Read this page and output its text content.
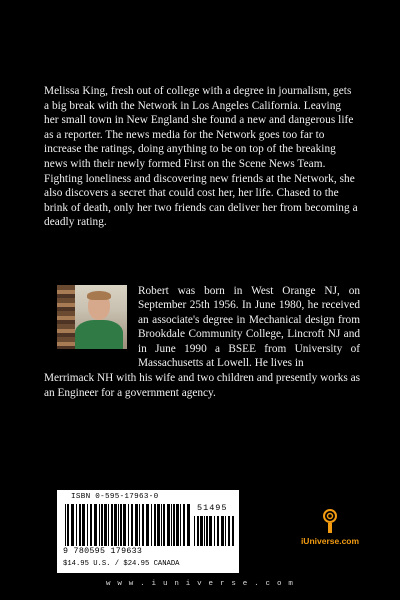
Melissa King, fresh out of college with a degree in journalism, gets a big break with the Network in Los Angeles California. Leaving her small town in New England she found a new and dangerous life as a reporter. The news media for the Network goes too far to increase the ratings, doing anything to be on top of the breaking news with their newly formed First on the Scene News Team. Fighting loneliness and discovering new friends at the Network, she also discovers a secret that could cost her, her life. Chased to the brink of death, only her two friends can deliver her from becoming a deadly rating.
Robert was born in West Orange NJ, on September 25th 1956. In June 1980, he received an associate's degree in Mechanical design from Brookdale Community College, Lincroft NJ and in June 1990 a BSEE from University of Massachusetts at Lowell. He lives in
Merrimack NH with his wife and two children and presently works as an Engineer for a government agency.
ISBN 0-595-17963-0
51495
9 780595 179633
$14.95 U.S. / $24.95 CANADA
iUniverse.com
w w w . i u n i v e r s e . c o m
